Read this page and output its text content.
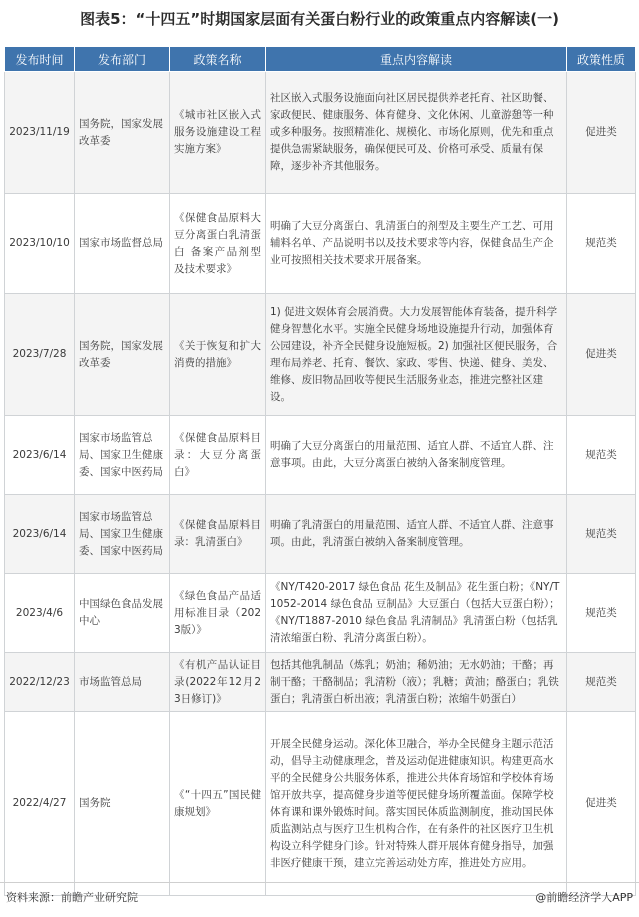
图表5：“十四五”时期国家层面有关蛋白粉行业的政策重点内容解读(一)
发布时间	发布部门	政策名称	重点内容解读	政策性质
2023/11/19	国务院，国家发展改革委	《城市社区嵌入式服务设施建设工程实施方案》	社区嵌入式服务设施面向社区居民提供养老托育、社区助餐、家政便民、健康服务、体育健身、文化休闲、儿童游憩等一种或多种服务。按照精准化、规模化、市场化原则，优先和重点提供急需紧缺服务，确保便民可及、价格可承受、质量有保障，逐步补齐其他服务。	促进类
2023/10/10	国家市场监督总局	《保健食品原料大豆分离蛋白乳清蛋白 备案产品剂型及技术要求》	明确了大豆分离蛋白、乳清蛋白的剂型及主要生产工艺、可用辅料名单、产品说明书以及技术要求等内容，保健食品生产企业可按照相关技术要求开展备案。	规范类
2023/7/28	国务院，国家发展改革委	《关于恢复和扩大消费的措施》	1) 促进文娱体育会展消费。大力发展智能体育装备，提升科学健身智慧化水平。实施全民健身场地设施提升行动，加强体育公园建设，补齐全民健身设施短板。2) 加强社区便民服务，合理布局养老、托育、餐饮、家政、零售、快递、健身、美发、维修、废旧物品回收等便民生活服务业态，推进完整社区建设。	促进类
2023/6/14	国家市场监管总局、国家卫生健康委、国家中医药局	《保健食品原料目录：大豆分离蛋白》	明确了大豆分离蛋白的用量范围、适宜人群、不适宜人群、注意事项。由此，大豆分离蛋白被纳入备案制度管理。	规范类
2023/6/14	国家市场监管总局、国家卫生健康委、国家中医药局	《保健食品原料目录：乳清蛋白》	明确了乳清蛋白的用量范围、适宜人群、不适宜人群、注意事项。由此，乳清蛋白被纳入备案制度管理。	规范类
2023/4/6	中国绿色食品发展中心	《绿色食品产品适用标准目录（2023版）》	《NY/T420-2017 绿色食品 花生及制品》花生蛋白粉；《NY/T1052-2014 绿色食品 豆制品》大豆蛋白（包括大豆蛋白粉）；《NY/T1887-2010 绿色食品 乳清制品》乳清蛋白粉（包括乳清浓缩蛋白粉、乳清分离蛋白粉）。	规范类
2022/12/23	市场监管总局	《有机产品认证目录(2022年12月23日修订)》	包括其他乳制品（炼乳；奶油；稀奶油；无水奶油；干酪；再制干酪；干酪制品；乳清粉（液）；乳糖；黄油；酪蛋白；乳铁蛋白；乳清蛋白析出液；乳清蛋白粉；浓缩牛奶蛋白）	规范类
2022/4/27	国务院	《“十四五”国民健康规划》	开展全民健身运动。深化体卫融合，举办全民健身主题示范活动，倡导主动健康理念，普及运动促进健康知识。构建更高水平的全民健身公共服务体系，推进公共体育场馆和学校体育场馆开放共享，提高健身步道等便民健身场所覆盖面。保障学校体育课和课外锻炼时间。落实国民体质监测制度，推动国民体质监测站点与医疗卫生机构合作，在有条件的社区医疗卫生机构设立科学健身门诊。针对特殊人群开展体育健身指导，加强非医疗健康干预，建立完善运动处方库，推进处方应用。	促进类
资料来源：前瞻产业研究院	@前瞻经济学人APP
